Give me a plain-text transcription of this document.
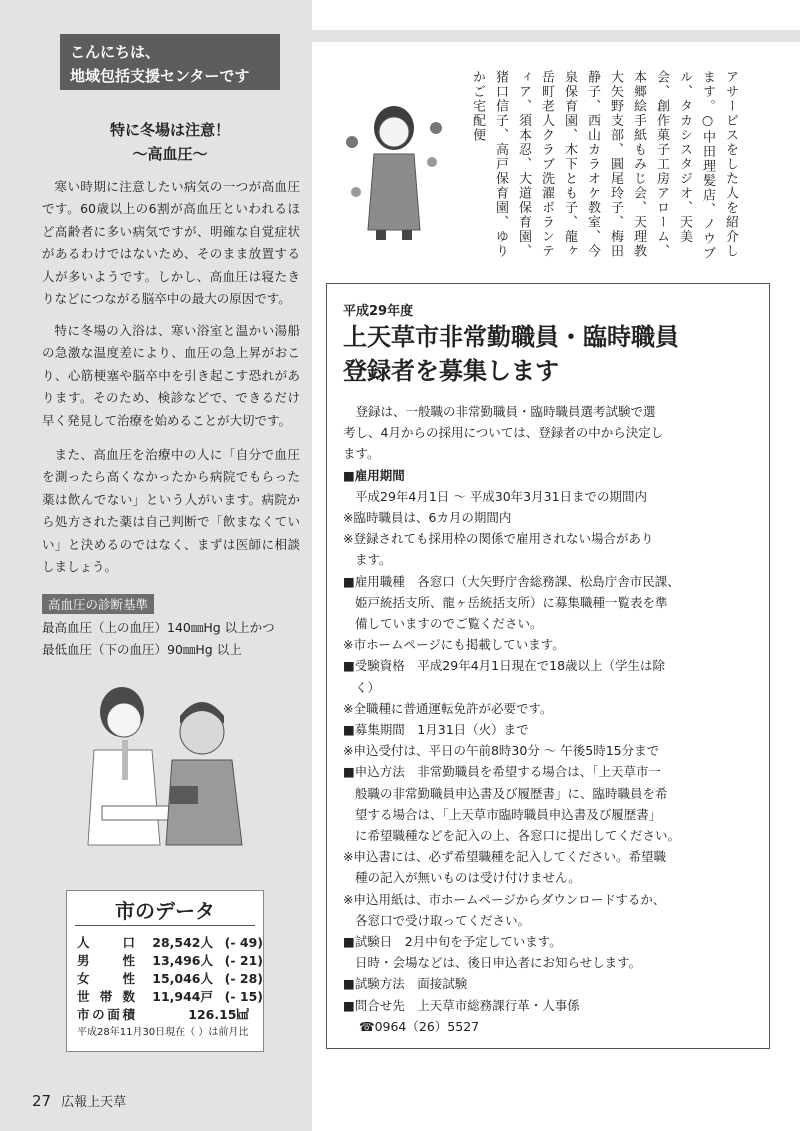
こんにちは、
地域包括支援センターです
特に冬場は注意！
～高血圧～
寒い時期に注意したい病気の一つが高血圧です。60歳以上の6割が高血圧といわれるほど高齢者に多い病気ですが、明確な自覚症状があるわけではないため、そのまま放置する人が多いようです。しかし、高血圧は寝たきりなどにつながる脳卒中の最大の原因です。
特に冬場の入浴は、寒い浴室と温かい湯船の急激な温度差により、血圧の急上昇がおこり、心筋梗塞や脳卒中を引き起こす恐れがあります。そのため、検診などで、できるだけ早く発見して治療を始めることが大切です。
また、高血圧を治療中の人に「自分で血圧を測ったら高くなかったから病院でもらった薬は飲んでない」という人がいます。病院から処方された薬は自己判断で「飲まなくていい」と決めるのではなく、まずは医師に相談しましょう。
高血圧の診断基準
最高血圧（上の血圧）140㎜Hg 以上かつ
最低血圧（下の血圧）90㎜Hg 以上
市のデータ
人口 28,542人 (- 49)
男性 13,496人 (- 21)
女性 15,046人 (- 28)
世帯数 11,944戸 (- 15)
市の面積	126.15㎢
平成28年11月30日現在（ ）は前月比
27 広報上天草
アサービスをした人を紹介します。○中田理髪店、ノウブル、タカシスタジオ、天美会、創作菓子工房アローム、本郷絵手紙もみじ会、天理教大矢野支部、圓尾玲子、梅田静子、西山カラオケ教室、今泉保育園、木下とも子、龍ヶ岳町老人クラブ洗濯ボランティア、須本忍、大道保育園、猪口信子、高戸保育園、ゆりかご宅配便
平成29年度
上天草市非常勤職員・臨時職員
登録者を募集します
　登録は、一般職の非常勤職員・臨時職員選考試験で選
考し、4月からの採用については、登録者の中から決定し
ます。
■雇用期間
平成29年4月1日 ～ 平成30年3月31日までの期間内
※臨時職員は、6カ月の期間内
※登録されても採用枠の関係で雇用されない場合があり
ます。
■雇用職種　各窓口（大矢野庁舎総務課、松島庁舎市民課、
姫戸統括支所、龍ヶ岳統括支所）に募集職種一覧表を準
備していますのでご覧ください。
※市ホームページにも掲載しています。
■受験資格　平成29年4月1日現在で18歳以上（学生は除
く）
※全職種に普通運転免許が必要です。
■募集期間　1月31日（火）まで
※申込受付は、平日の午前8時30分 ～ 午後5時15分まで
■申込方法　非常勤職員を希望する場合は、「上天草市一
般職の非常勤職員申込書及び履歴書」に、臨時職員を希
望する場合は、「上天草市臨時職員申込書及び履歴書」
に希望職種などを記入の上、各窓口に提出してください。
※申込書には、必ず希望職種を記入してください。希望職
種の記入が無いものは受け付けません。
※申込用紙は、市ホームページからダウンロードするか、
各窓口で受け取ってください。
■試験日　2月中旬を予定しています。
日時・会場などは、後日申込者にお知らせします。
■試験方法　面接試験
■問合せ先　上天草市総務課行革・人事係
☎0964（26）5527
